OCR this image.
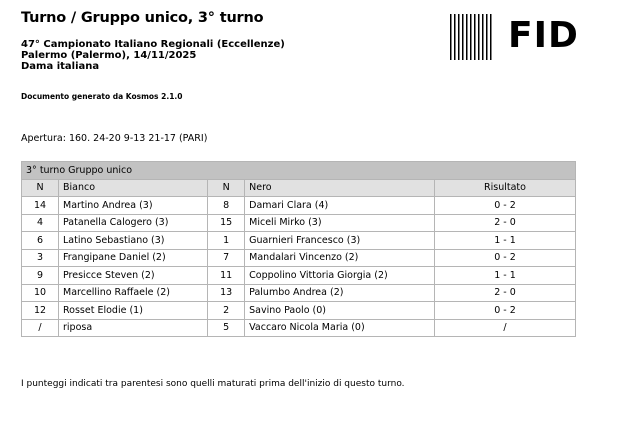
Turno / Gruppo unico, 3° turno
47° Campionato Italiano Regionali (Eccellenze)
Palermo (Palermo), 14/11/2025
Dama italiana
Documento generato da Kosmos 2.1.0
FID
Apertura: 160. 24-20 9-13 21-17 (PARI)
3° turno Gruppo unico				
N	Bianco	N	Nero	Risultato
14	Martino Andrea (3)	8	Damari Clara (4)	0 - 2
4	Patanella Calogero (3)	15	Miceli Mirko (3)	2 - 0
6	Latino Sebastiano (3)	1	Guarnieri Francesco (3)	1 - 1
3	Frangipane Daniel (2)	7	Mandalari Vincenzo (2)	0 - 2
9	Presicce Steven (2)	11	Coppolino Vittoria Giorgia (2)	1 - 1
10	Marcellino Raffaele (2)	13	Palumbo Andrea (2)	2 - 0
12	Rosset Elodie (1)	2	Savino Paolo (0)	0 - 2
/	riposa	5	Vaccaro Nicola Maria (0)	/
I punteggi indicati tra parentesi sono quelli maturati prima dell'inizio di questo turno.
